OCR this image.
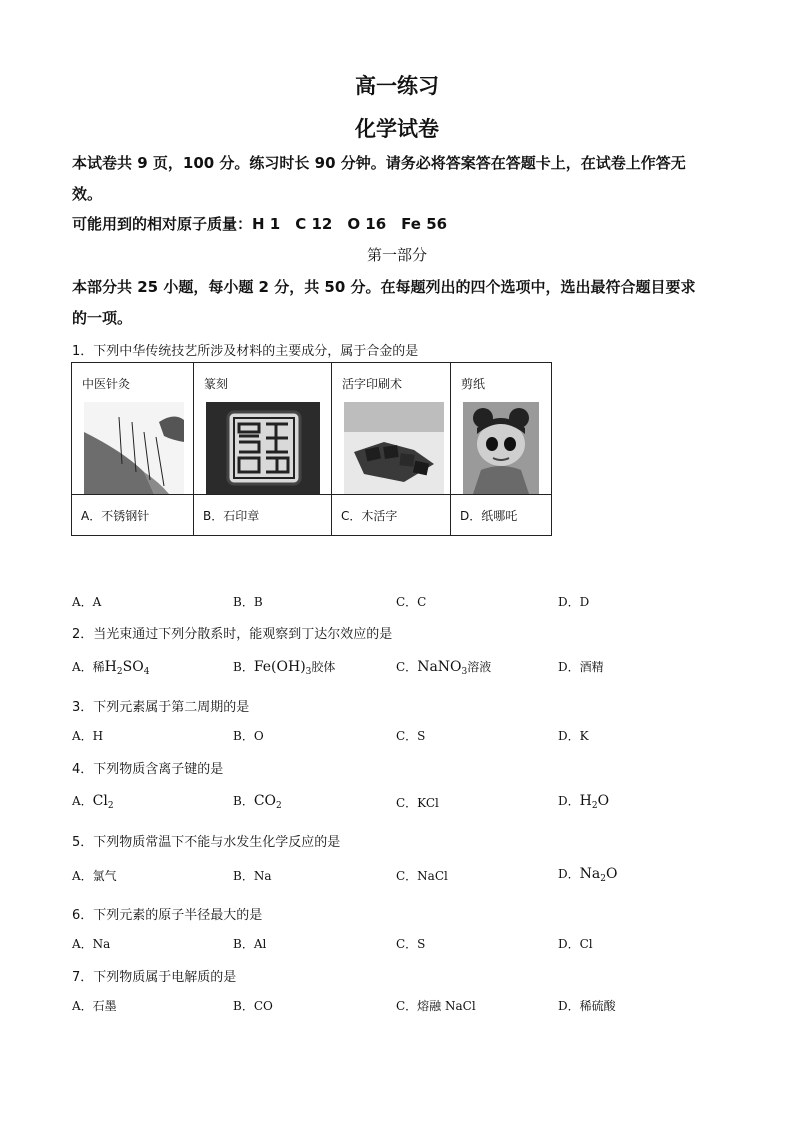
高一练习
化学试卷
本试卷共 9 页，100 分。练习时长 90 分钟。请务必将答案答在答题卡上，在试卷上作答无
效。
可能用到的相对原子质量：H 1　C 12　O 16　Fe 56
第一部分
本部分共 25 小题，每小题 2 分，共 50 分。在每题列出的四个选项中，选出最符合题目要求
的一项。
1．下列中华传统技艺所涉及材料的主要成分，属于合金的是
中医针灸	篆刻	活字印刷术	剪纸

A．不锈钢针	B．石印章	C．木活字	D．纸哪吒
A．A	B．B	C．C	D．D
2．当光束通过下列分散系时，能观察到丁达尔效应的是
A．稀$H_2SO_4$	B．$Fe(OH)_3$胶体	C．NaNO$_3$溶液	D．酒精
3．下列元素属于第二周期的是
A．H	B．O	C．S	D．K
4．下列物质含离子键的是
A．$Cl_2$	B．$CO_2$	C．KCl	D．$H_2O$
5．下列物质常温下不能与水发生化学反应的是
A．氯气	B．Na	C．NaCl	D．$Na_2O$
6．下列元素的原子半径最大的是
A．Na	B．Al	C．S	D．Cl
7．下列物质属于电解质的是
A．石墨	B．CO	C．熔融 NaCl	D．稀硫酸
